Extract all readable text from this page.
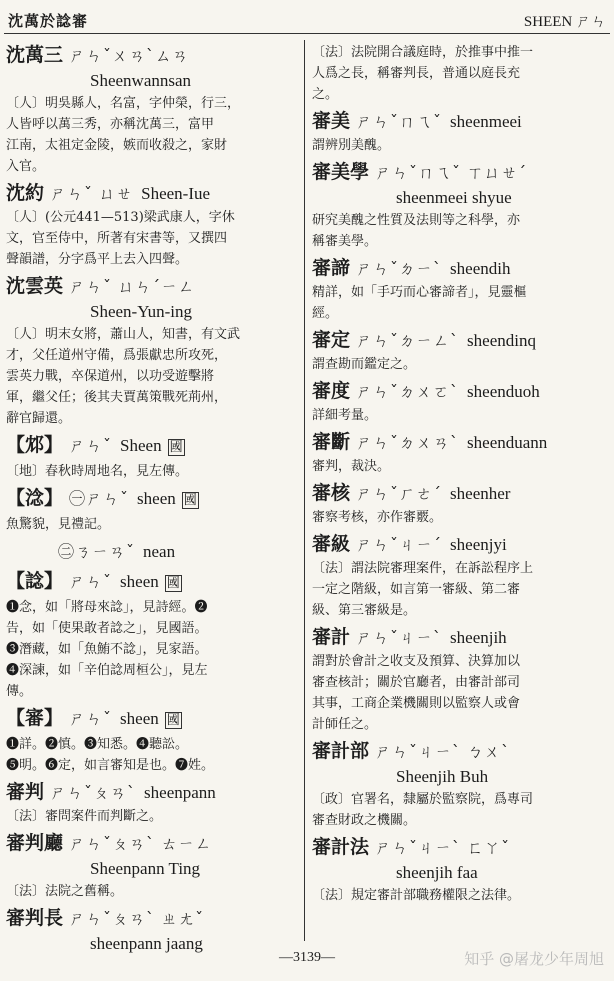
沈萬於諗審	SHEEN ㄕㄣ
沈萬三 ㄕㄣˇㄨㄢˋㄙㄢ
Sheenwannsan

〔人〕明吳縣人，名富，字仲榮，行三，

人皆呼以萬三秀，亦稱沈萬三，富甲

江南，太祖定金陵，嫉而收殺之，家財

入官。

沈約 ㄕㄣˇ ㄩㄝ Sheen-Iue

〔人〕(公元441—513)梁武康人，字休

文，官至侍中，所著有宋書等，又撰四

聲韻譜，分字爲平上去入四聲。

沈雲英 ㄕㄣˇ ㄩㄣˊㄧㄥ
Sheen-Yun-ing

〔人〕明末女將，蕭山人，知書，有文武

才，父任道州守備，爲張獻忠所攻死，

雲英力戰，卒保道州，以功受遊擊將

軍，繼父任；後其夫賈萬策戰死荊州，

辭官歸還。

【邥】 ㄕㄣˇ Sheen 國

〔地〕春秋時周地名，見左傳。

【淰】 ㊀ㄕㄣˇ sheen 國

魚驚貌，見禮記。

㊁ㄋㄧㄢˇ nean
【諗】 ㄕㄣˇ sheen 國

❶念，如「將母來諗」，見詩經。❷

告，如「使果敢者諗之」，見國語。

❸潛藏，如「魚鮪不諗」，見家語。

❹深諫，如「辛伯諗周桓公」，見左

傳。

【審】 ㄕㄣˇ sheen 國

❶詳。❷慎。❸知悉。❹聽訟。

❺明。❻定，如言審知是也。❼姓。

審判 ㄕㄣˇㄆㄢˋ sheenpann

〔法〕審問案件而判斷之。

審判廳 ㄕㄣˇㄆㄢˋ ㄊㄧㄥ
Sheenpann Ting

〔法〕法院之舊稱。

審判長 ㄕㄣˇㄆㄢˋ ㄓㄤˇ
sheenpann jaang

〔法〕法院開合議庭時，於推事中推一

人爲之長，稱審判長，普通以庭長充

之。

審美 ㄕㄣˇㄇㄟˇ sheenmeei

謂辨別美醜。

審美學 ㄕㄣˇㄇㄟˇ ㄒㄩㄝˊ
sheenmeei shyue

研究美醜之性質及法則等之科學，亦

稱審美學。

審諦 ㄕㄣˇㄉㄧˋ sheendih

精詳，如「手巧而心審諦者」，見靈樞

經。

審定 ㄕㄣˇㄉㄧㄥˋ sheendinq

謂查勘而鑑定之。

審度 ㄕㄣˇㄉㄨㄛˋ sheenduoh

詳細考量。

審斷 ㄕㄣˇㄉㄨㄢˋ sheenduann

審判，裁決。

審核 ㄕㄣˇㄏㄜˊ sheenher

審察考核，亦作審覈。

審級 ㄕㄣˇㄐㄧˊ sheenjyi

〔法〕謂法院審理案件，在訴訟程序上

一定之階級，如言第一審級、第二審

級、第三審級是。

審計 ㄕㄣˇㄐㄧˋ sheenjih

謂對於會計之收支及預算、決算加以

審查核計；關於官廳者，由審計部司

其事，工商企業機關則以監察人或會

計師任之。

審計部 ㄕㄣˇㄐㄧˋ ㄅㄨˋ
Sheenjih Buh

〔政〕官署名，隸屬於監察院，爲專司

審查財政之機關。

審計法 ㄕㄣˇㄐㄧˋ ㄈㄚˇ
sheenjih faa

〔法〕規定審計部職務權限之法律。

—3139—	知乎 @屠龙少年周旭
